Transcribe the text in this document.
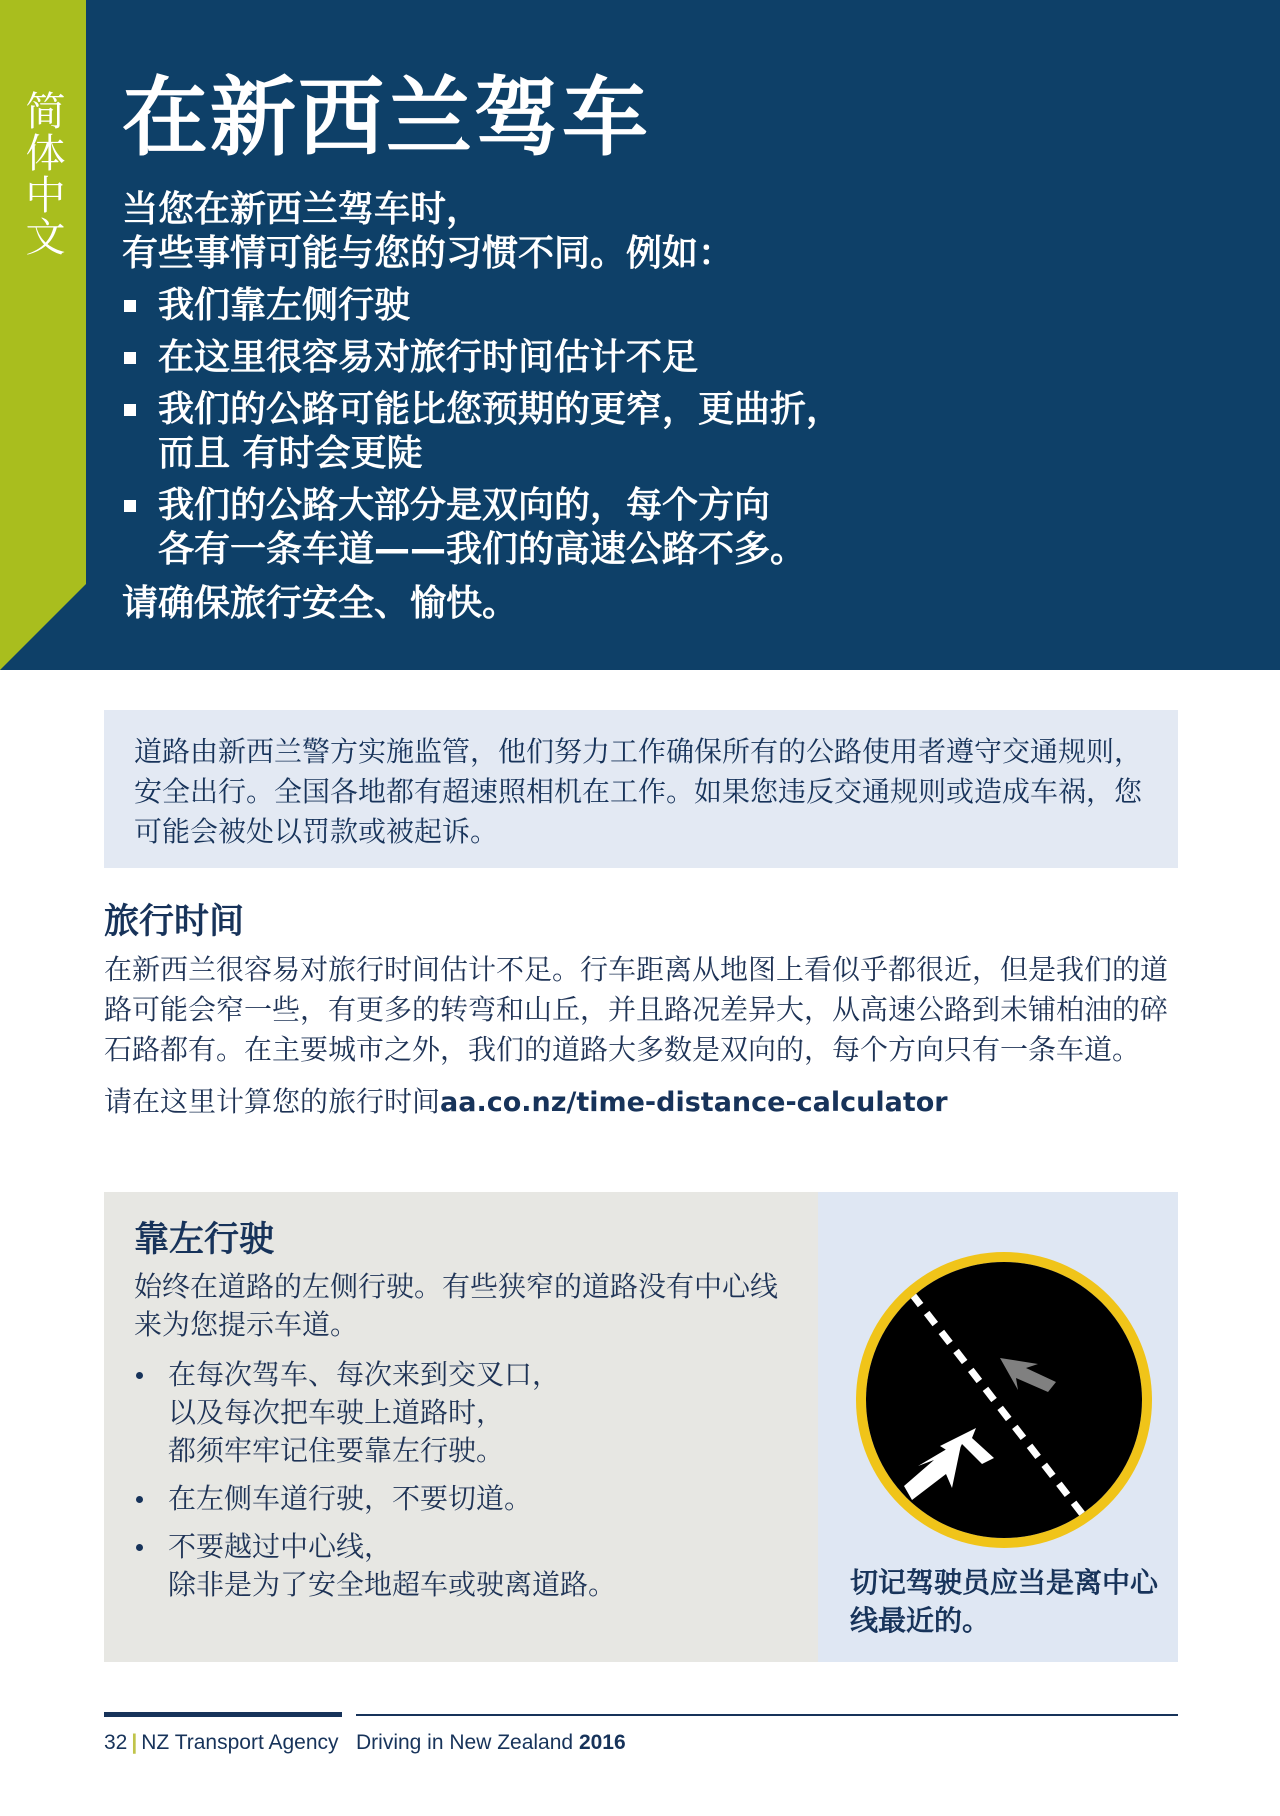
简体中文 在新西兰驾车

当您在新西兰驾车时，

有些事情可能与您的习惯不同。例如：

我们靠左侧行驶
在这里很容易对旅行时间估计不足
我们的公路可能比您预期的更窄，更曲折，
而且 有时会更陡
我们的公路大部分是双向的，每个方向
各有一条车道——我们的高速公路不多。

请确保旅行安全、愉快。

道路由新西兰警方实施监管，他们努力工作确保所有的公路使用者遵守交通规则，安全出行。全国各地都有超速照相机在工作。如果您违反交通规则或造成车祸，您可能会被处以罚款或被起诉。
旅行时间

在新西兰很容易对旅行时间估计不足。行车距离从地图上看似乎都很近，但是我们的道路可能会窄一些，有更多的转弯和山丘，并且路况差异大，从高速公路到未铺柏油的碎石路都有。在主要城市之外，我们的道路大多数是双向的，每个方向只有一条车道。

请在这里计算您的旅行时间aa.co.nz/time-distance-calculator

靠左行驶

始终在道路的左侧行驶。有些狭窄的道路没有中心线来为您提示车道。

在每次驾车、每次来到交叉口，
以及每次把车驶上道路时，
都须牢牢记住要靠左行驶。
在左侧车道行驶，不要切道。
不要越过中心线，
除非是为了安全地超车或驶离道路。	切记驾驶员应当是离中心线最近的。
32 | NZ Transport Agency Driving in New Zealand 2016
